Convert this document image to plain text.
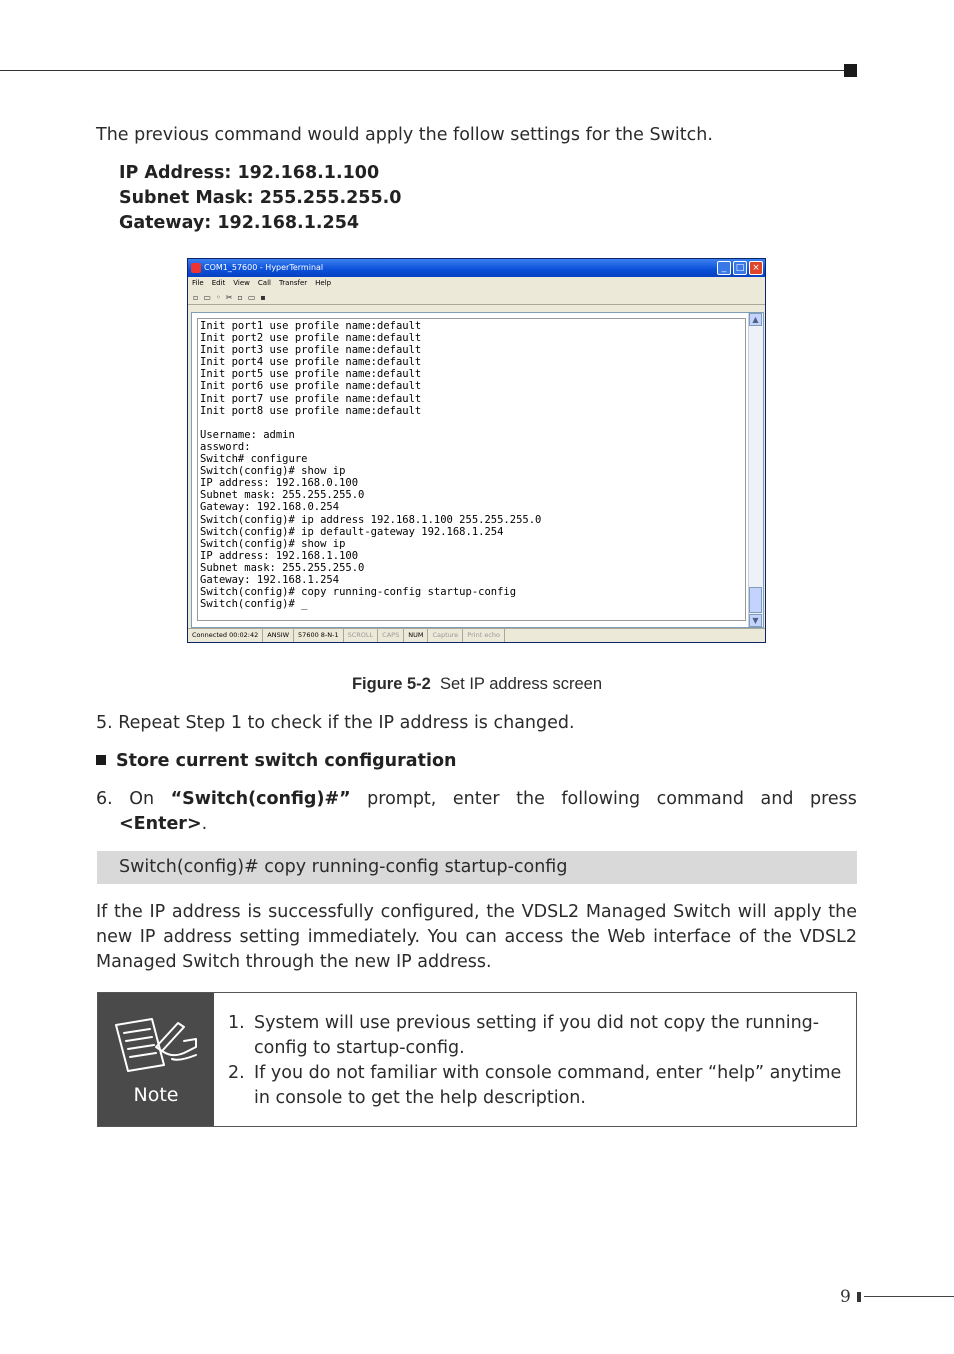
The previous command would apply the follow settings for the Switch.
IP Address: 192.168.1.100
Subnet Mask: 255.255.255.0
Gateway: 192.168.1.254
COM1_57600 - HyperTerminal	_	□ ×
File Edit View Call Transfer Help
▫ ▭ ◦ ✂ ▫ ▭ ▪
Init port1 use profile name:default
Init port2 use profile name:default
Init port3 use profile name:default
Init port4 use profile name:default
Init port5 use profile name:default
Init port6 use profile name:default
Init port7 use profile name:default
Init port8 use profile name:default

Username: admin
assword:
Switch# configure
Switch(config)# show ip
IP address: 192.168.0.100
Subnet mask: 255.255.255.0
Gateway: 192.168.0.254
Switch(config)# ip address 192.168.1.100 255.255.255.0
Switch(config)# ip default-gateway 192.168.1.254
Switch(config)# show ip
IP address: 192.168.1.100
Subnet mask: 255.255.255.0
Gateway: 192.168.1.254
Switch(config)# copy running-config startup-config
Switch(config)# _
▲
▼
Connected 00:02:42	ANSIW	57600 8-N-1	SCROLL	CAPS	NUM	Capture	Print echo
Figure 5-2 Set IP address screen
5. Repeat Step 1 to check if the IP address is changed.
Store current switch configuration
6. On “Switch(config)#” prompt, enter the following command and press
<Enter>.
Switch(config)# copy running-config startup-config
If the IP address is successfully configured, the VDSL2 Managed Switch will apply the new IP address setting immediately. You can access the Web interface of the VDSL2 Managed Switch through the new IP address.
Note
1. System will use previous setting if you did not copy the running-config to startup-config.
2. If you do not familiar with console command, enter “help” anytime in console to get the help description.
9
